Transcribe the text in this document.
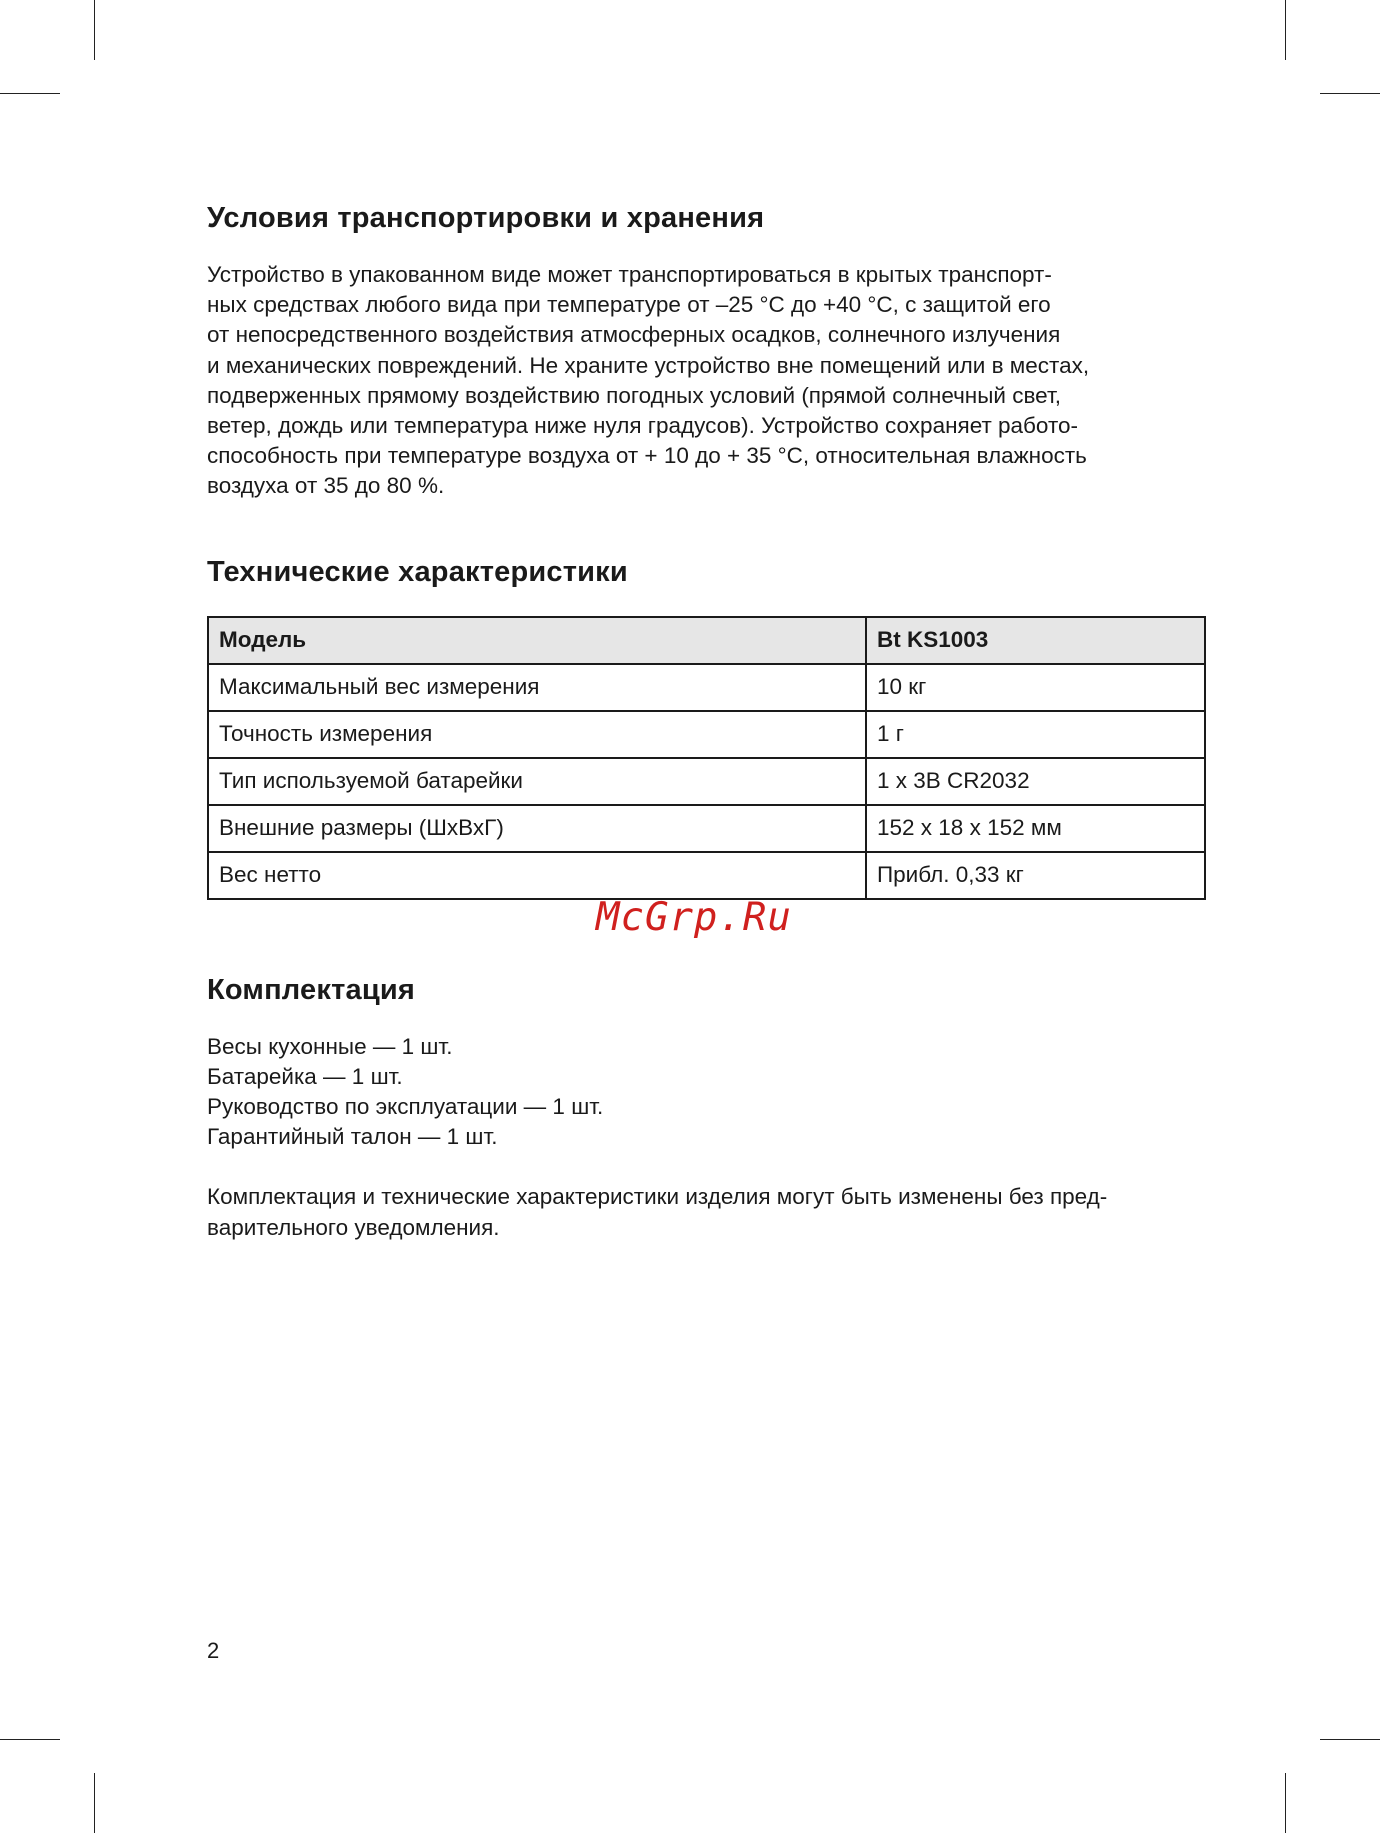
Условия транспортировки и хранения

Устройство в упакованном виде может транспортироваться в крытых транспорт-
ных средствах любого вида при температуре от –25 °C до +40 °C, с защитой его
от непосредственного воздействия атмосферных осадков, солнечного излучения
и механических повреждений. Не храните устройство вне помещений или в местах,
подверженных прямому воздействию погодных условий (прямой солнечный свет,
ветер, дождь или температура ниже нуля градусов). Устройство сохраняет работо-
способность при температуре воздуха от + 10 до + 35 °C, относительная влажность
воздуха от 35 до 80 %.

Технические характеристики
Модель	Bt KS1003
Максимальный вес измерения	10 кг
Точность измерения	1 г
Тип используемой батарейки	1 х 3В CR2032
Внешние размеры (ШхВхГ)	152 х 18 х 152 мм
Вес нетто	Прибл. 0,33 кг
Комплектация

Весы кухонные — 1 шт.
Батарейка — 1 шт.
Руководство по эксплуатации — 1 шт.
Гарантийный талон — 1 шт.

Комплектация и технические характеристики изделия могут быть изменены без пред-
варительного уведомления.

McGrp.Ru
2
